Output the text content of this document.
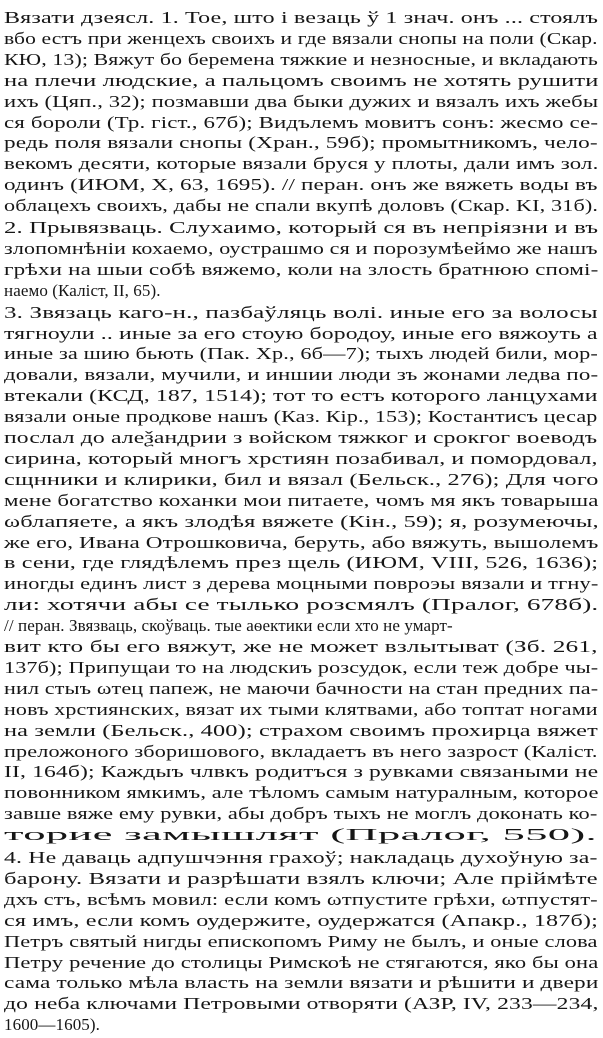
Вязати дзеясл. 1. Тое, што і везаць ў 1 знач. онъ ... стоялъ
вбо естъ при женцехъ своихъ и где вязали снопы на поли (Скар.
КЮ, 13); Вяжут бо беремена тяжкие и незносные, и вкладають
на плечи людские, а пальцомъ своимъ не хотять рушити
ихъ (Цяп., 32); позмавши два быки дужих и вязалъ ихъ жебы
ся бороли (Тр. гіст., 67б); Видълемъ мовитъ сонъ: жесмо се-
редь поля вязали снопы (Хран., 59б); промытникомъ, чело-
векомъ десяти, которые вязали бруся у плоты, дали имъ зол.
одинъ (ИЮМ, X, 63, 1695). // перан. онъ же вяжеть воды въ
облацехъ своихъ, дабы не спали вкупѣ доловъ (Скар. KI, 31б).
2. Прывязваць. Слухаимо, который ся въ непріязни и въ
злопомнѣніи кохаемо, оустрашмо ся и порозумѣеймо же нашъ
грѣхи на шыи собѣ вяжемо, коли на злость братнюю спомі-
наемо (Каліст, II, 65).
3. Звязаць каго-н., пазбаўляць волі. иные его за волосы
тягноули .. иные за его стоую бородоу, иные его вяжоуть а
иные за шию бьють (Пак. Хр., 6б—7); тыхъ людей били, мор-
довали, вязали, мучили, и иншии люди зъ жонами ледва по-
втекали (КСД, 187, 1514); тот то естъ которого ланцухами
вязали оные продкове нашъ (Каз. Кір., 153); Костантисъ цесар
послал до алеѯандрии з войском тяжког и срокгог воеводъ
сирина, который многъ хрстиян позабивал, и помордовал,
сщнники и клирики, бил и вязал (Бельск., 276); Для чого
мене богатство коханки мои питаете, чомъ мя якъ товарыша
ωблапяете, а якъ злодѣя вяжете (Кін., 59); я, розумеючы,
же его, Ивана Отрошковича, беруть, або вяжуть, вышолемъ
в сени, где глядѣлемъ през щель (ИЮМ, VIII, 526, 1636);
иногды единъ лист з дерева моцными повроэы вязали и тгну-
ли: хотячи абы се тылько розсмялъ (Пралог, 678б).
// перан. Звязваць, скоўваць. тые аѳектики если хто не умарт-
вит кто бы его вяжут, же не может взлытыват (Зб. 261,
137б); Припущаи то на людскиъ розсудок, если теж добре чы-
нил стыъ ωтец папеж, не маючи бачности на стан предних па-
новъ хрстиянских, вязат их тыми клятвами, або топтат ногами
на земли (Бельск., 400); страхом своимъ прохирца вяжет
преложоного зборишового, вкладаетъ въ него зазрост (Каліст.
II, 164б); Каждыъ члвкъ родитъся з рувками связаными не
повонником ямкимъ, але тѣломъ самым натуралным, которое
завше вяже ему рувки, абы добръ тыхъ не моглъ доконать ко-
торие замышлят (Пралог, 550).
4. Не даваць адпушчэння грахоў; накладаць духоўную за-
барону. Вязати и разрѣшати взялъ ключи; Але пріймѣте
дхъ стъ, всѣмъ мовил: если комъ ωтпустите грѣхи, ωтпустят-
ся имъ, если комъ оудержите, оудержатся (Апакр., 187б);
Петръ святый нигды епископомъ Риму не былъ, и оные слова
Петру речение до столицы Римскоѣ не стягаются, яко бы она
сама только мѣла власть на земли вязати и рѣшити и двери
до неба ключами Петровыми отворяти (АЗР, IV, 233—234,
1600—1605).
